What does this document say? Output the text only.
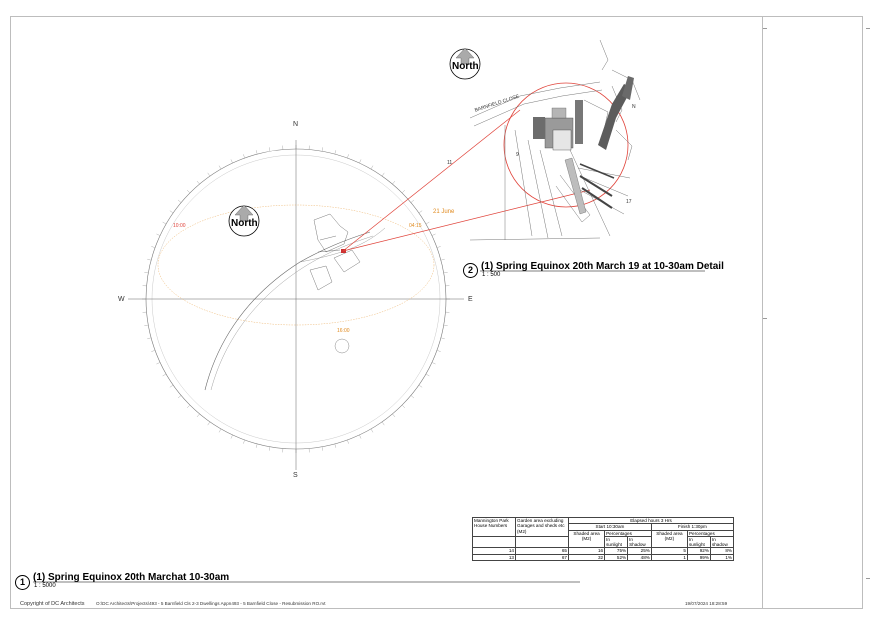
North
North
N
S
E
W
10:00	04:15
16:00
21 June
BARNFIELD CLOSE	N
17
11
9
2 (1) Spring Equinox 20th March 19 at 10-30am Detail
1 : 500
1 (1) Spring Equinox 20th Marchat 10-30am
1 : 5000
Mannington Park House Numbers	Garden area excluding Garages and sheds etc (M2)	Elapsed hours 3 Hrs					
		Start 10:30am			Finish 1:30pm		
		Shaded area (M2)	Percentages		Shaded area (M2)	Percentages	
			In sunlight	In Shadow		In sunlight	In shadow
14	65	16	75%	25%	5	92%	8%
13	67	32	52%	48%	1	99%	1%
Copyright of DC Architects	O:\DC Architects\Projects\493 - 5 Barnfield Cls 2-3 Dwellings Appn493 - 5 Barnfield Close - Resubmission RO.rvt	19/07/2024 18:28:59
